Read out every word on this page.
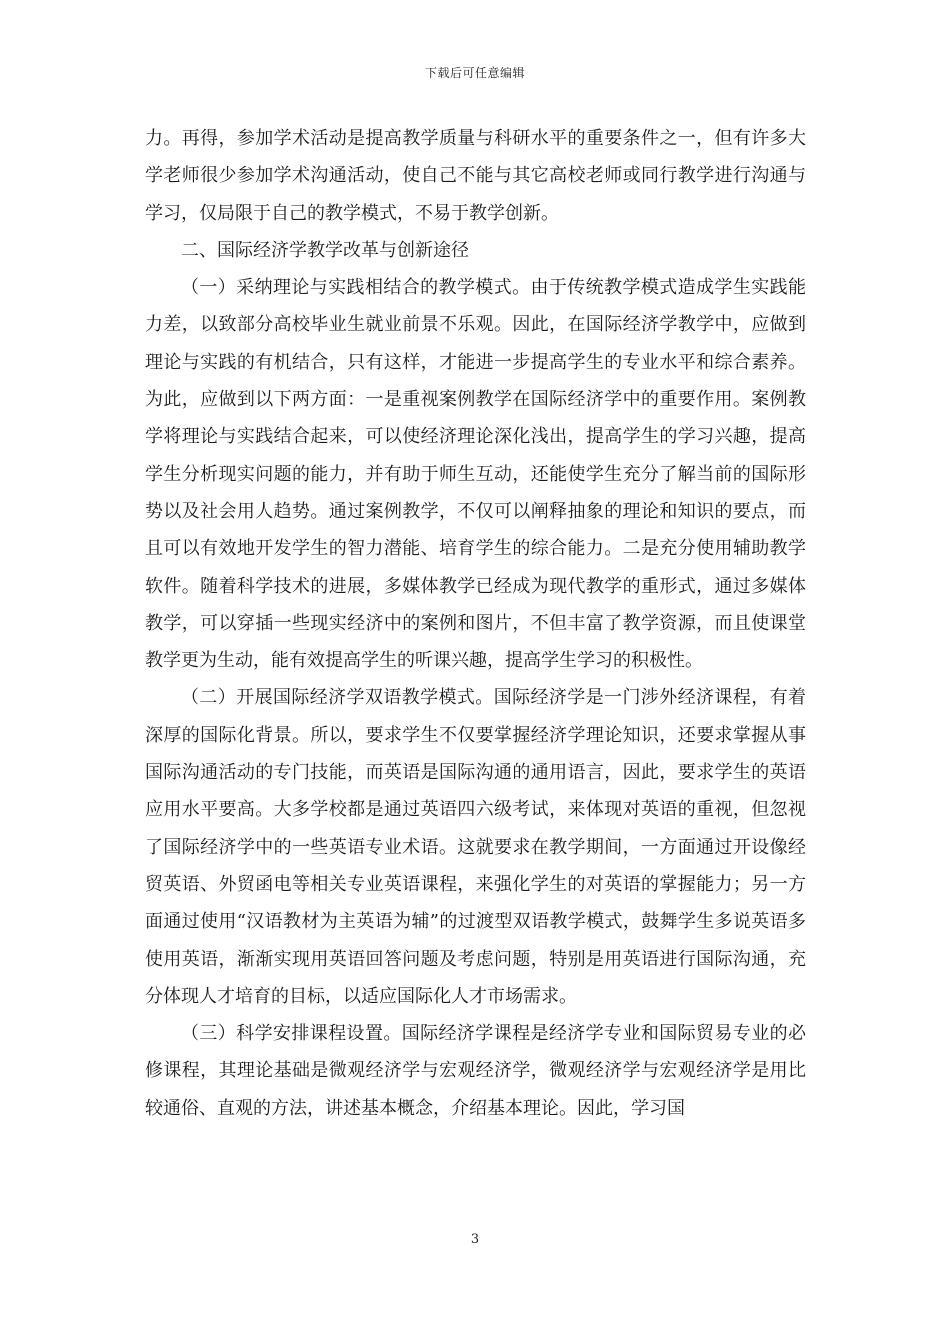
下载后可任意编辑

力。再得，参加学术活动是提高教学质量与科研水平的重要条件之一，但有许多大学老师很少参加学术沟通活动，使自己不能与其它高校老师或同行教学进行沟通与学习，仅局限于自己的教学模式，不易于教学创新。

二、国际经济学教学改革与创新途径

（一）采纳理论与实践相结合的教学模式。由于传统教学模式造成学生实践能力差，以致部分高校毕业生就业前景不乐观。因此，在国际经济学教学中，应做到理论与实践的有机结合，只有这样，才能进一步提高学生的专业水平和综合素养。为此，应做到以下两方面：一是重视案例教学在国际经济学中的重要作用。案例教学将理论与实践结合起来，可以使经济理论深化浅出，提高学生的学习兴趣，提高学生分析现实问题的能力，并有助于师生互动，还能使学生充分了解当前的国际形势以及社会用人趋势。通过案例教学，不仅可以阐释抽象的理论和知识的要点，而且可以有效地开发学生的智力潜能、培育学生的综合能力。二是充分使用辅助教学软件。随着科学技术的进展，多媒体教学已经成为现代教学的重形式，通过多媒体教学，可以穿插一些现实经济中的案例和图片，不但丰富了教学资源，而且使课堂教学更为生动，能有效提高学生的听课兴趣，提高学生学习的积极性。

（二）开展国际经济学双语教学模式。国际经济学是一门涉外经济课程，有着深厚的国际化背景。所以，要求学生不仅要掌握经济学理论知识，还要求掌握从事国际沟通活动的专门技能，而英语是国际沟通的通用语言，因此，要求学生的英语应用水平要高。大多学校都是通过英语四六级考试，来体现对英语的重视，但忽视了国际经济学中的一些英语专业术语。这就要求在教学期间，一方面通过开设像经贸英语、外贸函电等相关专业英语课程，来强化学生的对英语的掌握能力；另一方面通过使用“汉语教材为主英语为辅”的过渡型双语教学模式，鼓舞学生多说英语多使用英语，渐渐实现用英语回答问题及考虑问题，特别是用英语进行国际沟通，充分体现人才培育的目标，以适应国际化人才市场需求。

（三）科学安排课程设置。国际经济学课程是经济学专业和国际贸易专业的必修课程，其理论基础是微观经济学与宏观经济学，微观经济学与宏观经济学是用比较通俗、直观的方法，讲述基本概念，介绍基本理论。因此，学习国

3
